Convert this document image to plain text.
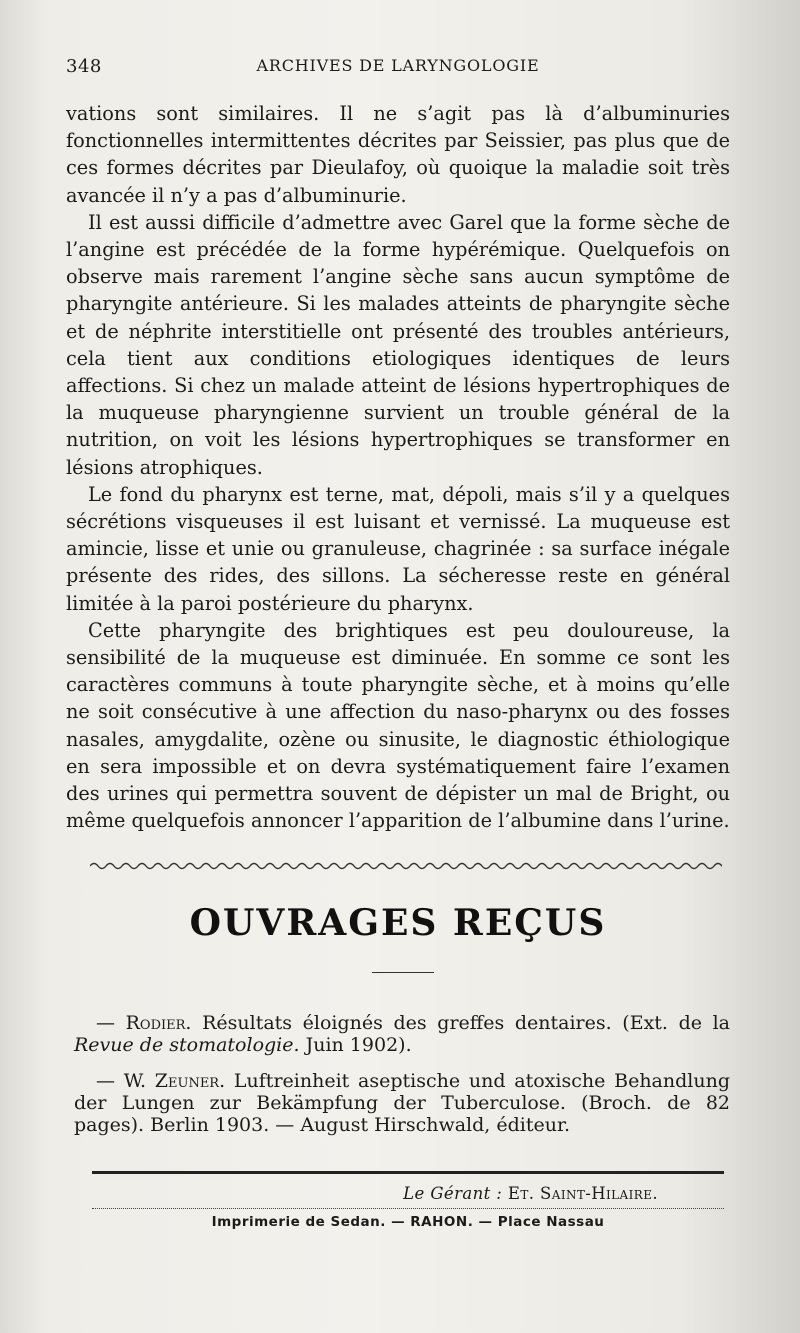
348	ARCHIVES DE LARYNGOLOGIE

vations sont similaires. Il ne s’agit pas là d’albuminuries fonctionnelles intermittentes décrites par Seissier, pas plus que de ces formes décrites par Dieulafoy, où quoique la maladie soit très avancée il n’y a pas d’albuminurie.

Il est aussi difficile d’admettre avec Garel que la forme sèche de l’angine est précédée de la forme hypérémique. Quelquefois on observe mais rarement l’angine sèche sans aucun symptôme de pharyngite antérieure. Si les malades atteints de pharyngite sèche et de néphrite interstitielle ont présenté des troubles antérieurs, cela tient aux conditions etiologiques identiques de leurs affections. Si chez un malade atteint de lésions hypertrophiques de la muqueuse pharyngienne survient un trouble général de la nutrition, on voit les lésions hypertrophiques se transformer en lésions atrophiques.

Le fond du pharynx est terne, mat, dépoli, mais s’il y a quelques sécrétions visqueuses il est luisant et vernissé. La muqueuse est amincie, lisse et unie ou granuleuse, chagrinée : sa surface inégale présente des rides, des sillons. La sécheresse reste en général limitée à la paroi postérieure du pharynx.

Cette pharyngite des brightiques est peu douloureuse, la sensibilité de la muqueuse est diminuée. En somme ce sont les caractères communs à toute pharyngite sèche, et à moins qu’elle ne soit consécutive à une affection du naso-pharynx ou des fosses nasales, amygdalite, ozène ou sinusite, le diagnostic éthiologique en sera impossible et on devra systématiquement faire l’examen des urines qui permettra souvent de dépister un mal de Bright, ou même quelquefois annoncer l’apparition de l’albumine dans l’urine.

OUVRAGES REÇUS

— Rodier. Résultats éloignés des greffes dentaires. (Ext. de la Revue de stomatologie. Juin 1902).

— W. Zeuner. Luftreinheit aseptische und atoxische Behandlung der Lungen zur Bekämpfung der Tuberculose. (Broch. de 82 pages). Berlin 1903. — August Hirschwald, éditeur.

Le Gérant : Et. Saint-Hilaire.
Imprimerie de Sedan. — RAHON. — Place Nassau
